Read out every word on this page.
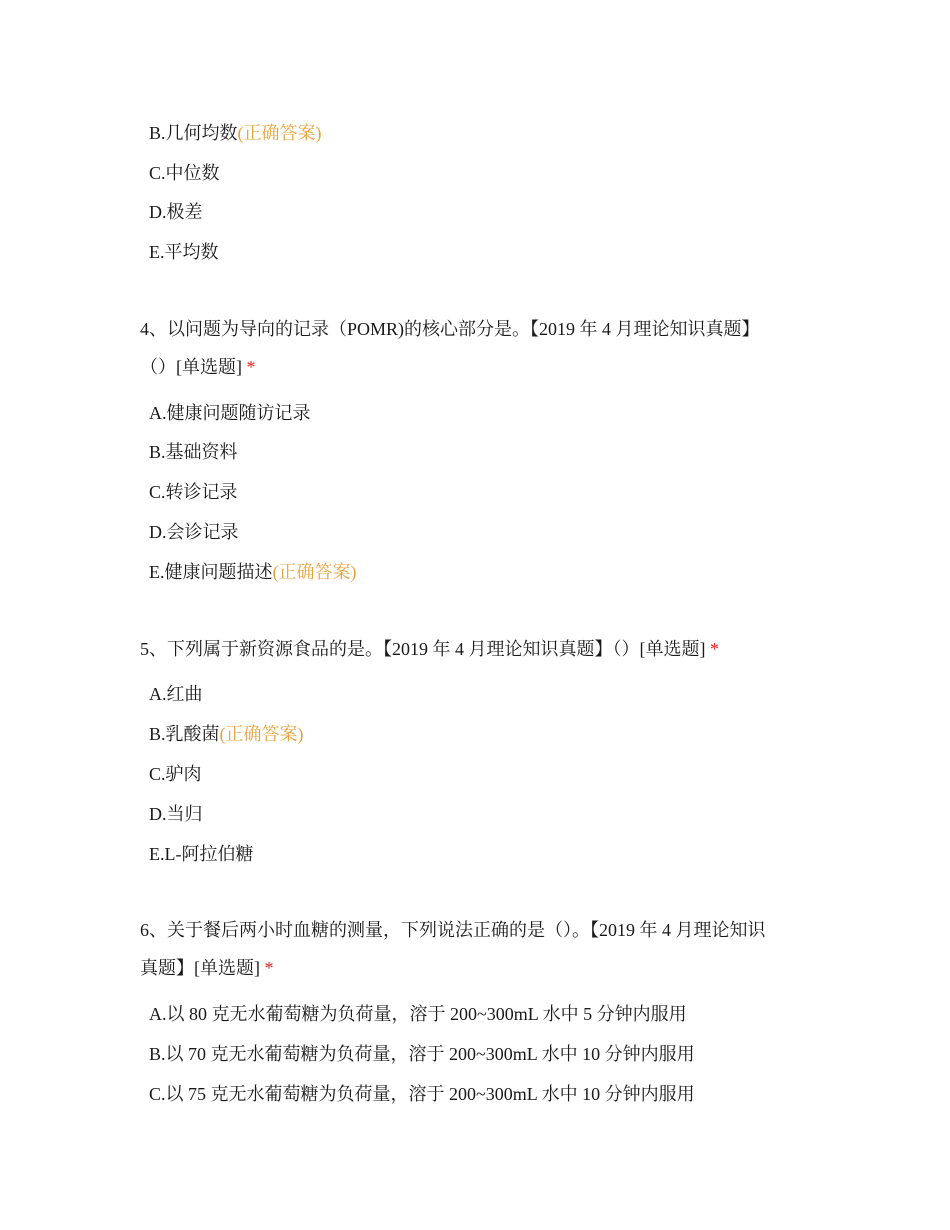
B.几何均数(正确答案)
C.中位数
D.极差
E.平均数
4、以问题为导向的记录（POMR)的核心部分是。【2019 年 4 月理论知识真题】
（）[单选题] *
A.健康问题随访记录
B.基础资料
C.转诊记录
D.会诊记录
E.健康问题描述(正确答案)
5、下列属于新资源食品的是。【2019 年 4 月理论知识真题】（）[单选题] *
A.红曲
B.乳酸菌(正确答案)
C.驴肉
D.当归
E.L-阿拉伯糖
6、关于餐后两小时血糖的测量，下列说法正确的是（）。【2019 年 4 月理论知识
真题】[单选题] *
A.以 80 克无水葡萄糖为负荷量，溶于 200~300mL 水中 5 分钟内服用
B.以 70 克无水葡萄糖为负荷量，溶于 200~300mL 水中 10 分钟内服用
C.以 75 克无水葡萄糖为负荷量，溶于 200~300mL 水中 10 分钟内服用
